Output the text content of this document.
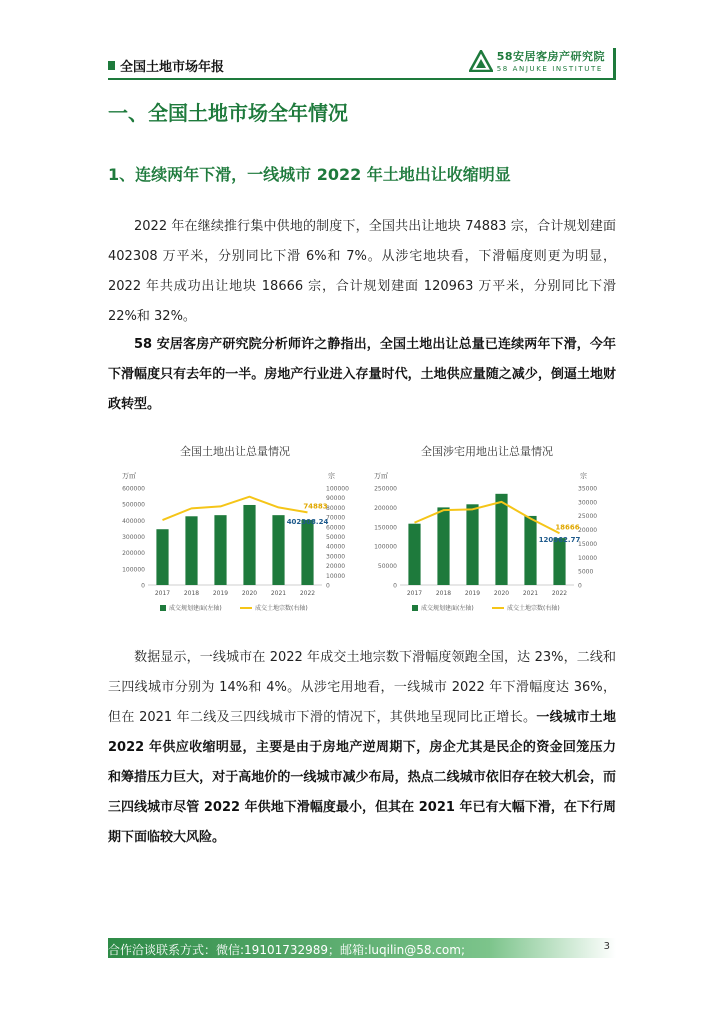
全国土地市场年报
58安居客房产研究院
58 ANJUKE INSTITUTE
一、全国土地市场全年情况
1、连续两年下滑，一线城市 2022 年土地出让收缩明显

2022 年在继续推行集中供地的制度下，全国共出让地块 74883 宗，合计规划建面 402308 万平米，分别同比下滑 6%和 7%。从涉宅地块看，下滑幅度则更为明显，2022 年共成功出让地块 18666 宗，合计规划建面 120963 万平米，分别同比下滑 22%和 32%。

58 安居客房产研究院分析师许之静指出，全国土地出让总量已连续两年下滑，今年下滑幅度只有去年的一半。房地产行业进入存量时代，土地供应量随之减少，倒逼土地财政转型。

全国土地出让总量情况
万㎡	宗
600000
500000
400000
300000
200000
100000
0
100000
90000
80000
70000
60000
50000
40000
30000
20000
10000
0
2017 2018 2019 2020 2021 2022
74883
402308.24
成交规划建面(左轴)	成交土地宗数(右轴)
全国涉宅用地出让总量情况
万㎡	宗
250000
200000
150000
100000
50000
0
35000
30000
25000
20000
15000
10000
5000
0
2017 2018 2019 2020 2021 2022
18666
120962.77
成交规划建面(左轴)	成交土地宗数(右轴)

数据显示，一线城市在 2022 年成交土地宗数下滑幅度领跑全国，达 23%，二线和三四线城市分别为 14%和 4%。从涉宅用地看，一线城市 2022 年下滑幅度达 36%，但在 2021 年二线及三四线城市下滑的情况下，其供地呈现同比正增长。一线城市土地 2022 年供应收缩明显，主要是由于房地产逆周期下，房企尤其是民企的资金回笼压力和筹措压力巨大，对于高地价的一线城市减少布局，热点二线城市依旧存在较大机会，而三四线城市尽管 2022 年供地下滑幅度最小，但其在 2021 年已有大幅下滑，在下行周期下面临较大风险。

合作洽谈联系方式：微信:19101732989；邮箱:luqilin@58.com;	3
